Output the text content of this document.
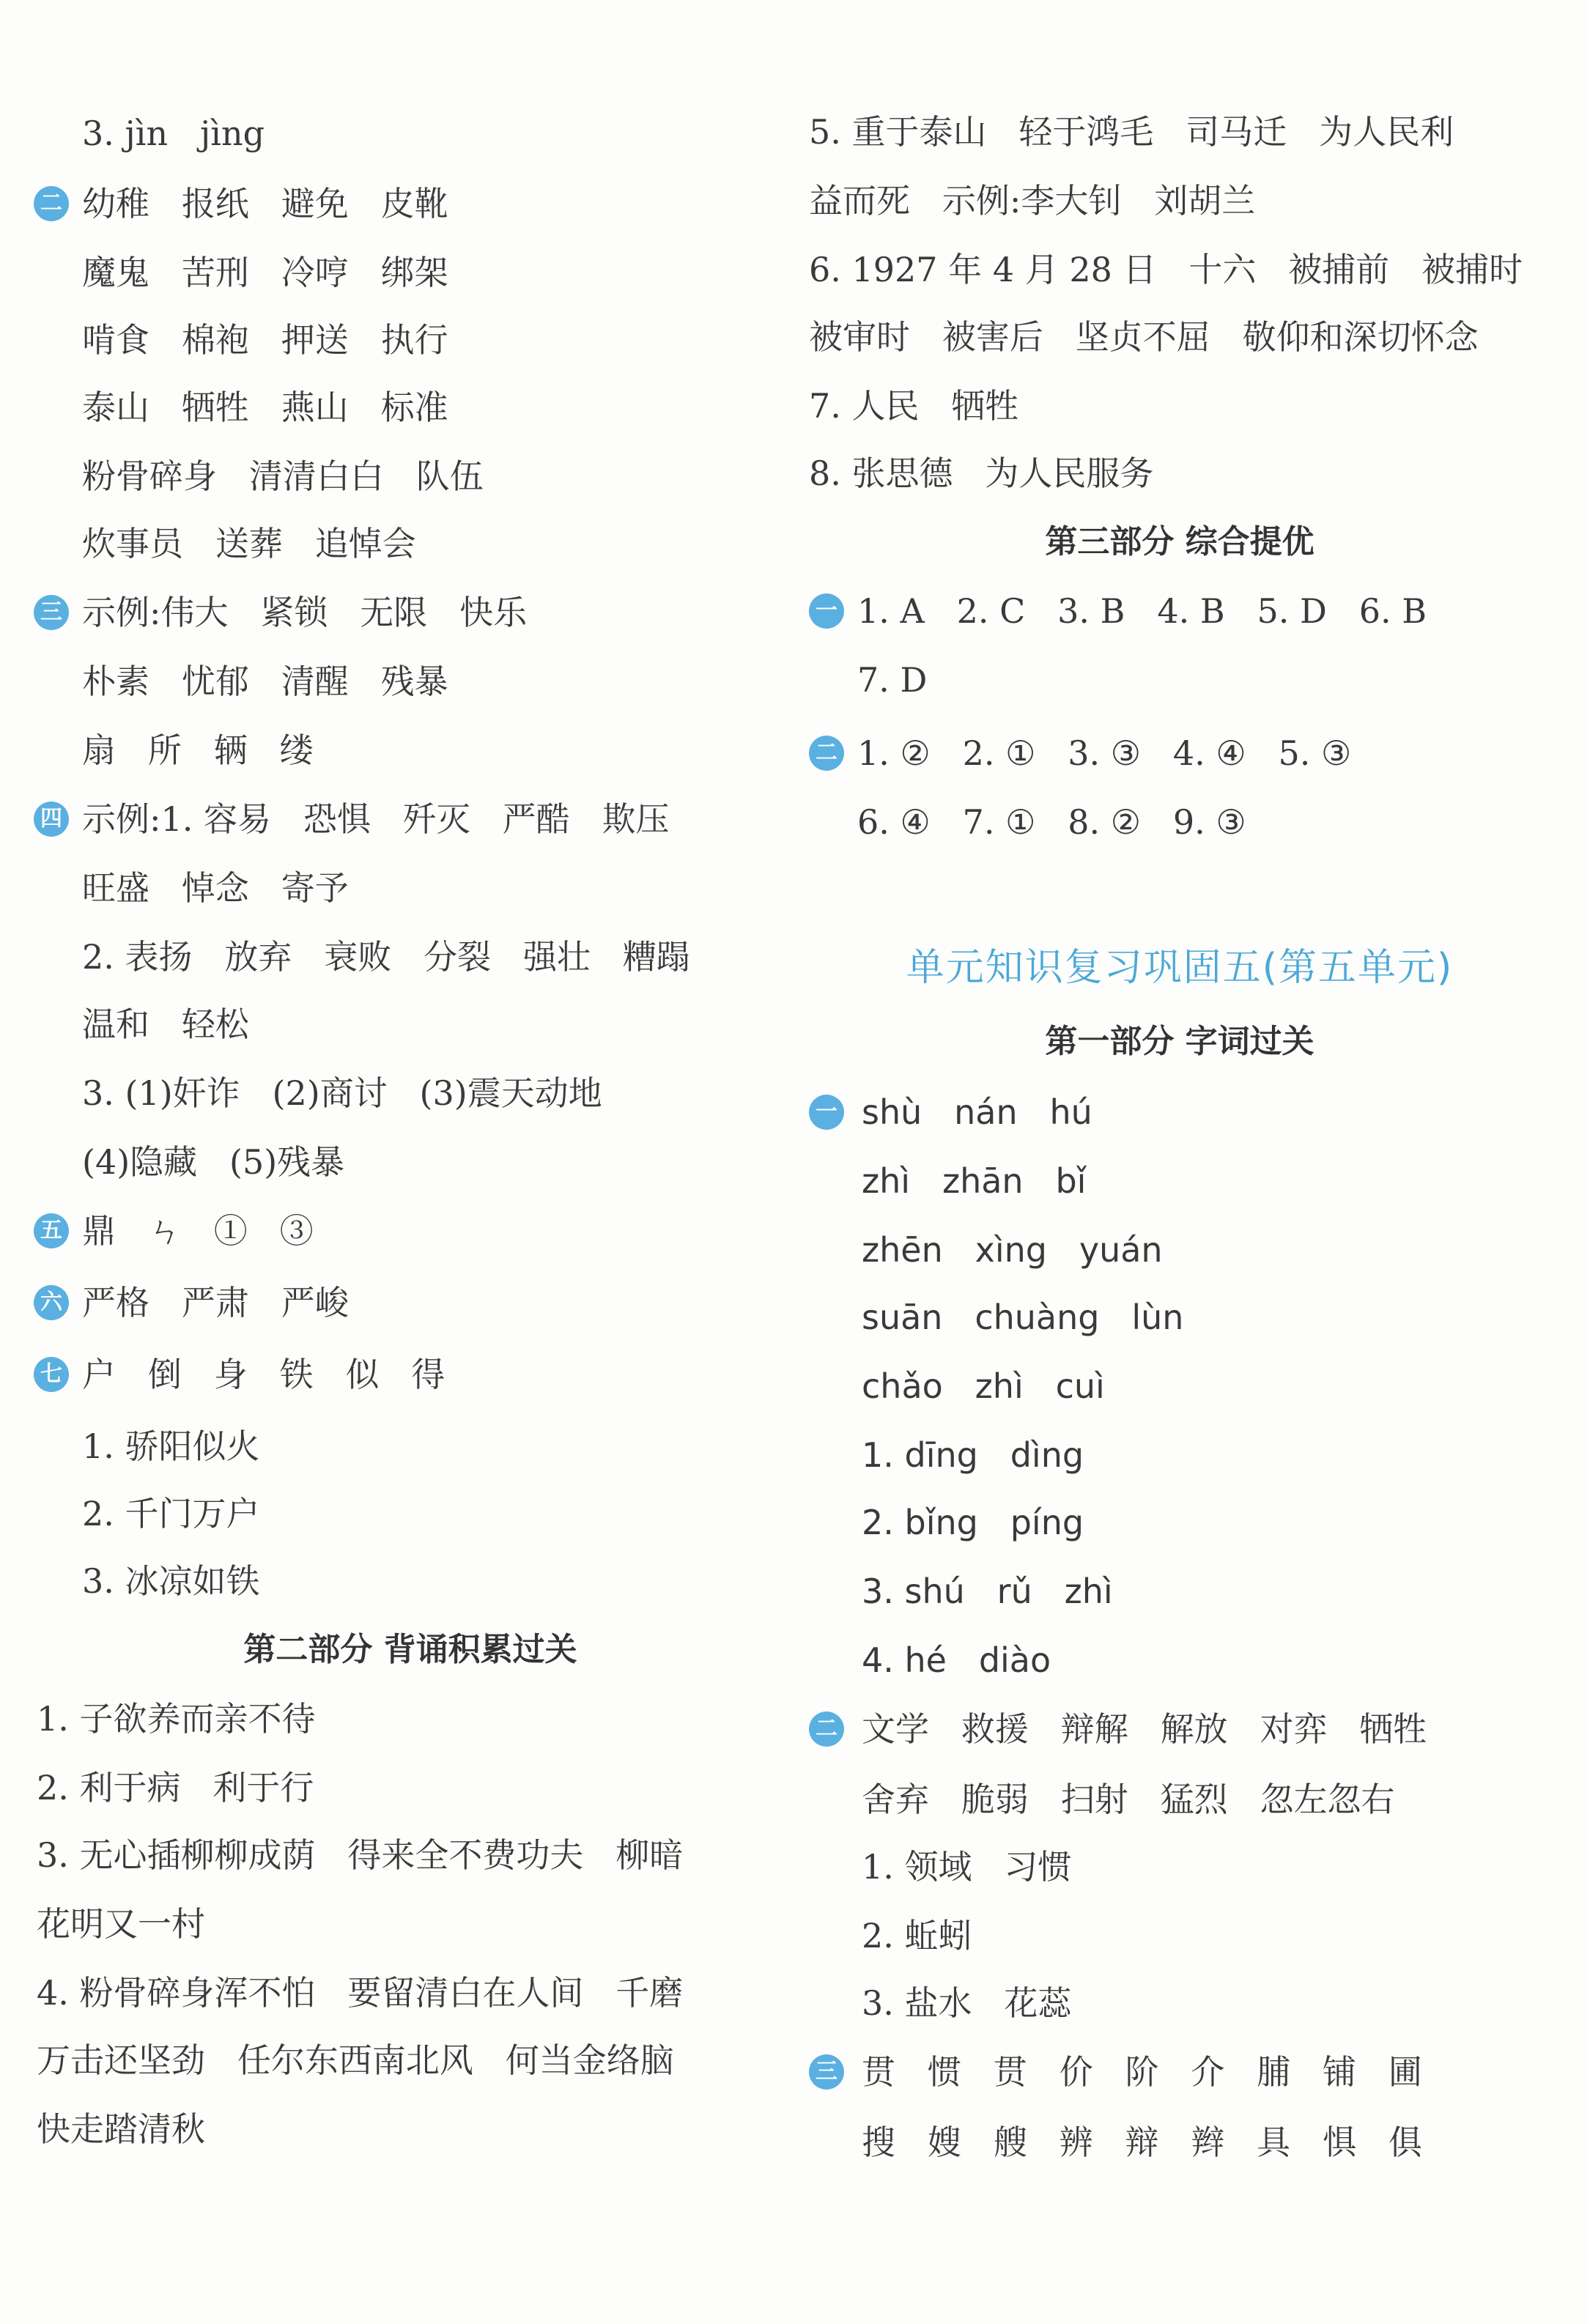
3. jìn   jìng
二 幼稚   报纸   避免   皮靴
魔鬼   苦刑   冷哼   绑架
啃食   棉袍   押送   执行
泰山   牺牲   燕山   标准
粉骨碎身   清清白白   队伍
炊事员   送葬   追悼会
三 示例:伟大   紧锁   无限   快乐
朴素   忧郁   清醒   残暴
扇   所   辆   缕
四 示例:1. 容易   恐惧   歼灭   严酷   欺压
旺盛   悼念   寄予
2. 表扬   放弃   衰败   分裂   强壮   糟蹋
温和   轻松
3. (1)奸诈   (2)商讨   (3)震天动地
(4)隐藏   (5)残暴
五 鼎   ㄣ   ①   ③
六 严格   严肃   严峻
七 户   倒   身   铁   似   得
1. 骄阳似火
2. 千门万户
3. 冰凉如铁
第二部分 背诵积累过关
1. 子欲养而亲不待
2. 利于病   利于行
3. 无心插柳柳成荫   得来全不费功夫   柳暗
花明又一村
4. 粉骨碎身浑不怕   要留清白在人间   千磨
万击还坚劲   任尔东西南北风   何当金络脑
快走踏清秋
5. 重于泰山   轻于鸿毛   司马迁   为人民利
益而死   示例:李大钊   刘胡兰
6. 1927 年 4 月 28 日   十六   被捕前   被捕时
被审时   被害后   坚贞不屈   敬仰和深切怀念
7. 人民   牺牲
8. 张思德   为人民服务
第三部分 综合提优
一 1. A   2. C   3. B   4. B   5. D   6. B
7. D
二 1. ②   2. ①   3. ③   4. ④   5. ③
6. ④   7. ①   8. ②   9. ③
单元知识复习巩固五(第五单元)
第一部分 字词过关
一 shù   nán   hú
zhì   zhān   bǐ
zhēn   xìng   yuán
suān   chuàng   lùn
chǎo   zhì   cuì
1. dīng   dìng
2. bǐng   píng
3. shú   rǔ   zhì
4. hé   diào
二 文学   救援   辩解   解放   对弈   牺牲
舍弃   脆弱   扫射   猛烈   忽左忽右
1. 领域   习惯
2. 蚯蚓
3. 盐水   花蕊
三 贯   惯   贯   价   阶   介   脯   铺   圃
搜   嫂   艘   辨   辩   辫   具   惧   俱
